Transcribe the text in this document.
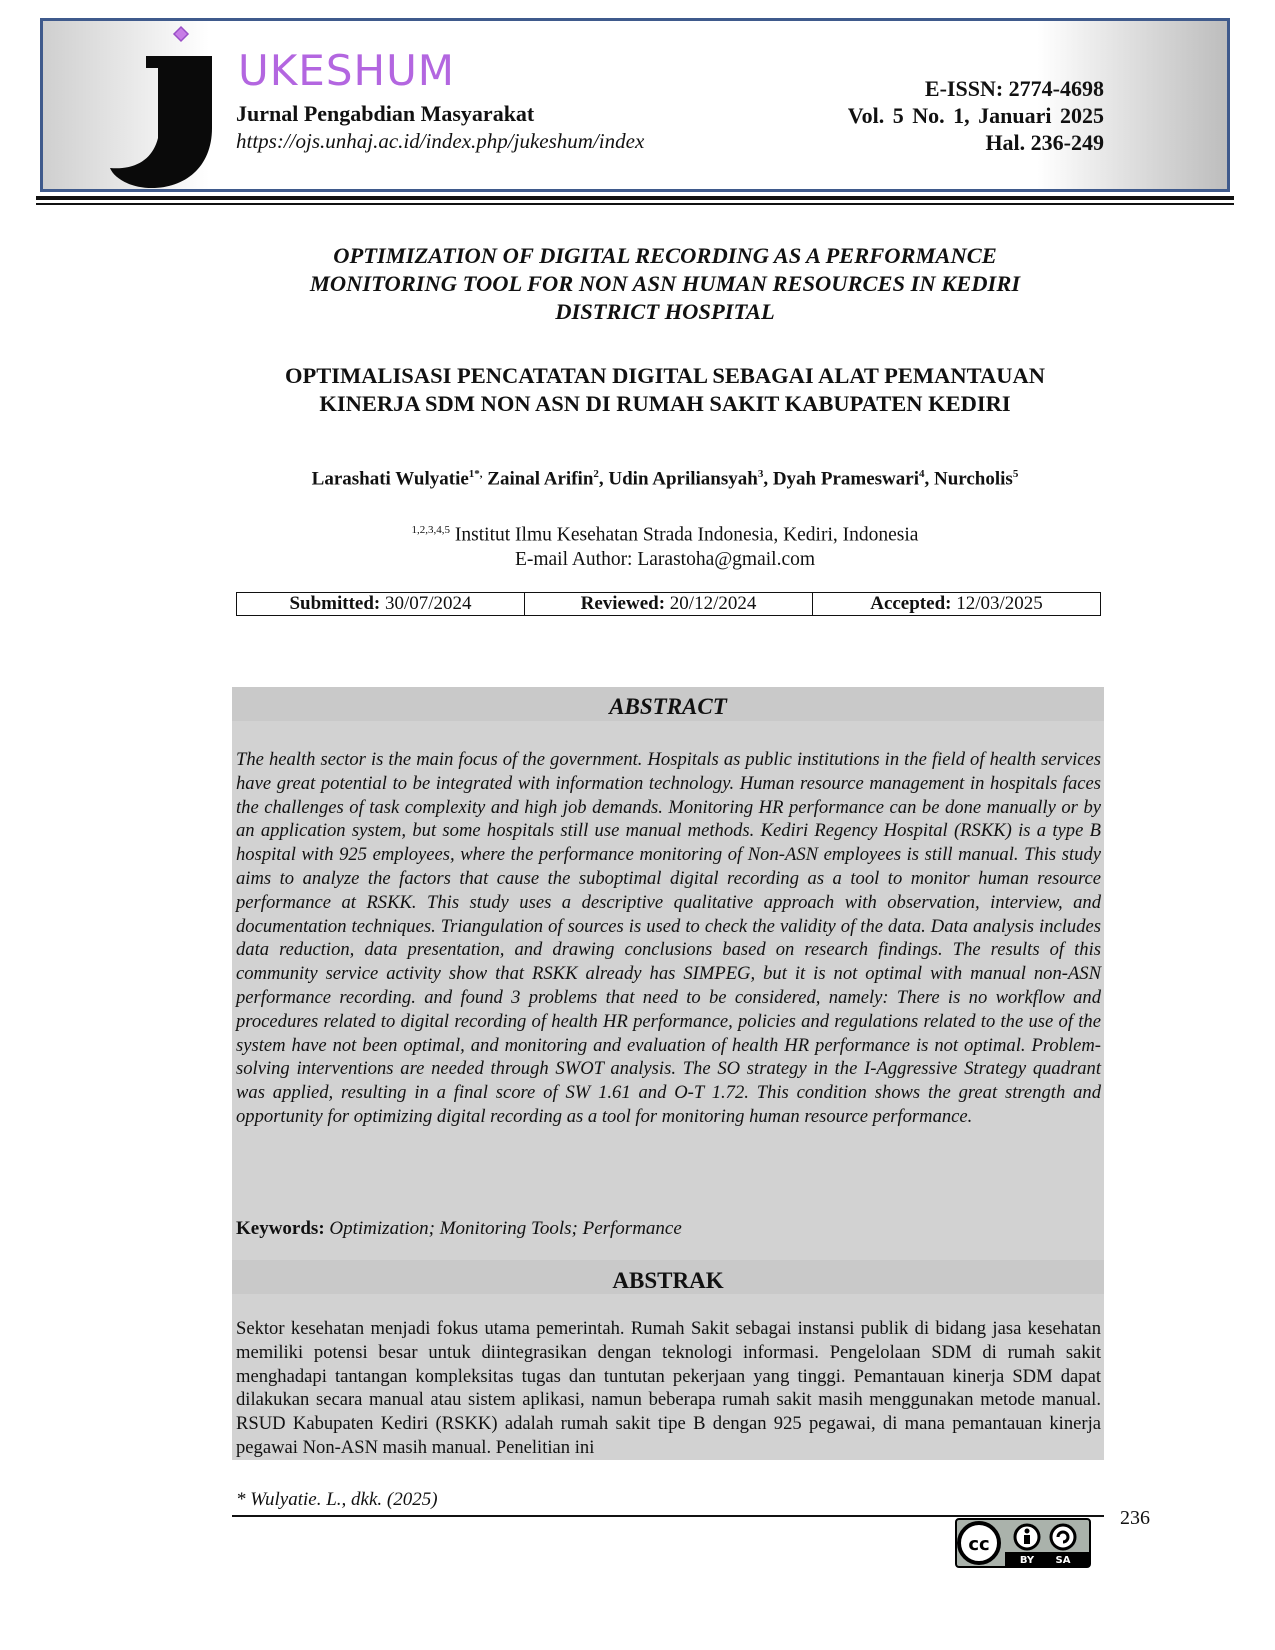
UKESHUM
Jurnal Pengabdian Masyarakat
https://ojs.unhaj.ac.id/index.php/jukeshum/index
E-ISSN: 2774-4698
Vol. 5 No. 1, Januari 2025
Hal. 236-249
OPTIMIZATION OF DIGITAL RECORDING AS A PERFORMANCE
MONITORING TOOL FOR NON ASN HUMAN RESOURCES IN KEDIRI
DISTRICT HOSPITAL
OPTIMALISASI PENCATATAN DIGITAL SEBAGAI ALAT PEMANTAUAN
KINERJA SDM NON ASN DI RUMAH SAKIT KABUPATEN KEDIRI
Larashati Wulyatie$^{1*,}$ Zainal Arifin$^2$, Udin Apriliansyah$^3$, Dyah Prameswari$^4$, Nurcholis$^5$
$^{1,2,3,4,5}$ Institut Ilmu Kesehatan Strada Indonesia, Kediri, Indonesia
E-mail Author: Larastoha@gmail.com
Submitted: 30/07/2024	Reviewed: 20/12/2024	Accepted: 12/03/2025
ABSTRACT
The health sector is the main focus of the government. Hospitals as public institutions in the field of health services have great potential to be integrated with information technology. Human resource management in hospitals faces the challenges of task complexity and high job demands. Monitoring HR performance can be done manually or by an application system, but some hospitals still use manual methods. Kediri Regency Hospital (RSKK) is a type B hospital with 925 employees, where the performance monitoring of Non-ASN employees is still manual. This study aims to analyze the factors that cause the suboptimal digital recording as a tool to monitor human resource performance at RSKK. This study uses a descriptive qualitative approach with observation, interview, and documentation techniques. Triangulation of sources is used to check the validity of the data. Data analysis includes data reduction, data presentation, and drawing conclusions based on research findings. The results of this community service activity show that RSKK already has SIMPEG, but it is not optimal with manual non-ASN performance recording. and found 3 problems that need to be considered, namely: There is no workflow and procedures related to digital recording of health HR performance, policies and regulations related to the use of the system have not been optimal, and monitoring and evaluation of health HR performance is not optimal. Problem-solving interventions are needed through SWOT analysis. The SO strategy in the I-Aggressive Strategy quadrant was applied, resulting in a final score of SW 1.61 and O-T 1.72. This condition shows the great strength and opportunity for optimizing digital recording as a tool for monitoring human resource performance.
Keywords: Optimization; Monitoring Tools; Performance
ABSTRAK
Sektor kesehatan menjadi fokus utama pemerintah. Rumah Sakit sebagai instansi publik di bidang jasa kesehatan memiliki potensi besar untuk diintegrasikan dengan teknologi informasi. Pengelolaan SDM di rumah sakit menghadapi tantangan kompleksitas tugas dan tuntutan pekerjaan yang tinggi. Pemantauan kinerja SDM dapat dilakukan secara manual atau sistem aplikasi, namun beberapa rumah sakit masih menggunakan metode manual. RSUD Kabupaten Kediri (RSKK) adalah rumah sakit tipe B dengan 925 pegawai, di mana pemantauan kinerja pegawai Non-ASN masih manual. Penelitian ini
* Wulyatie. L., dkk. (2025)
236
cc
BY SA
